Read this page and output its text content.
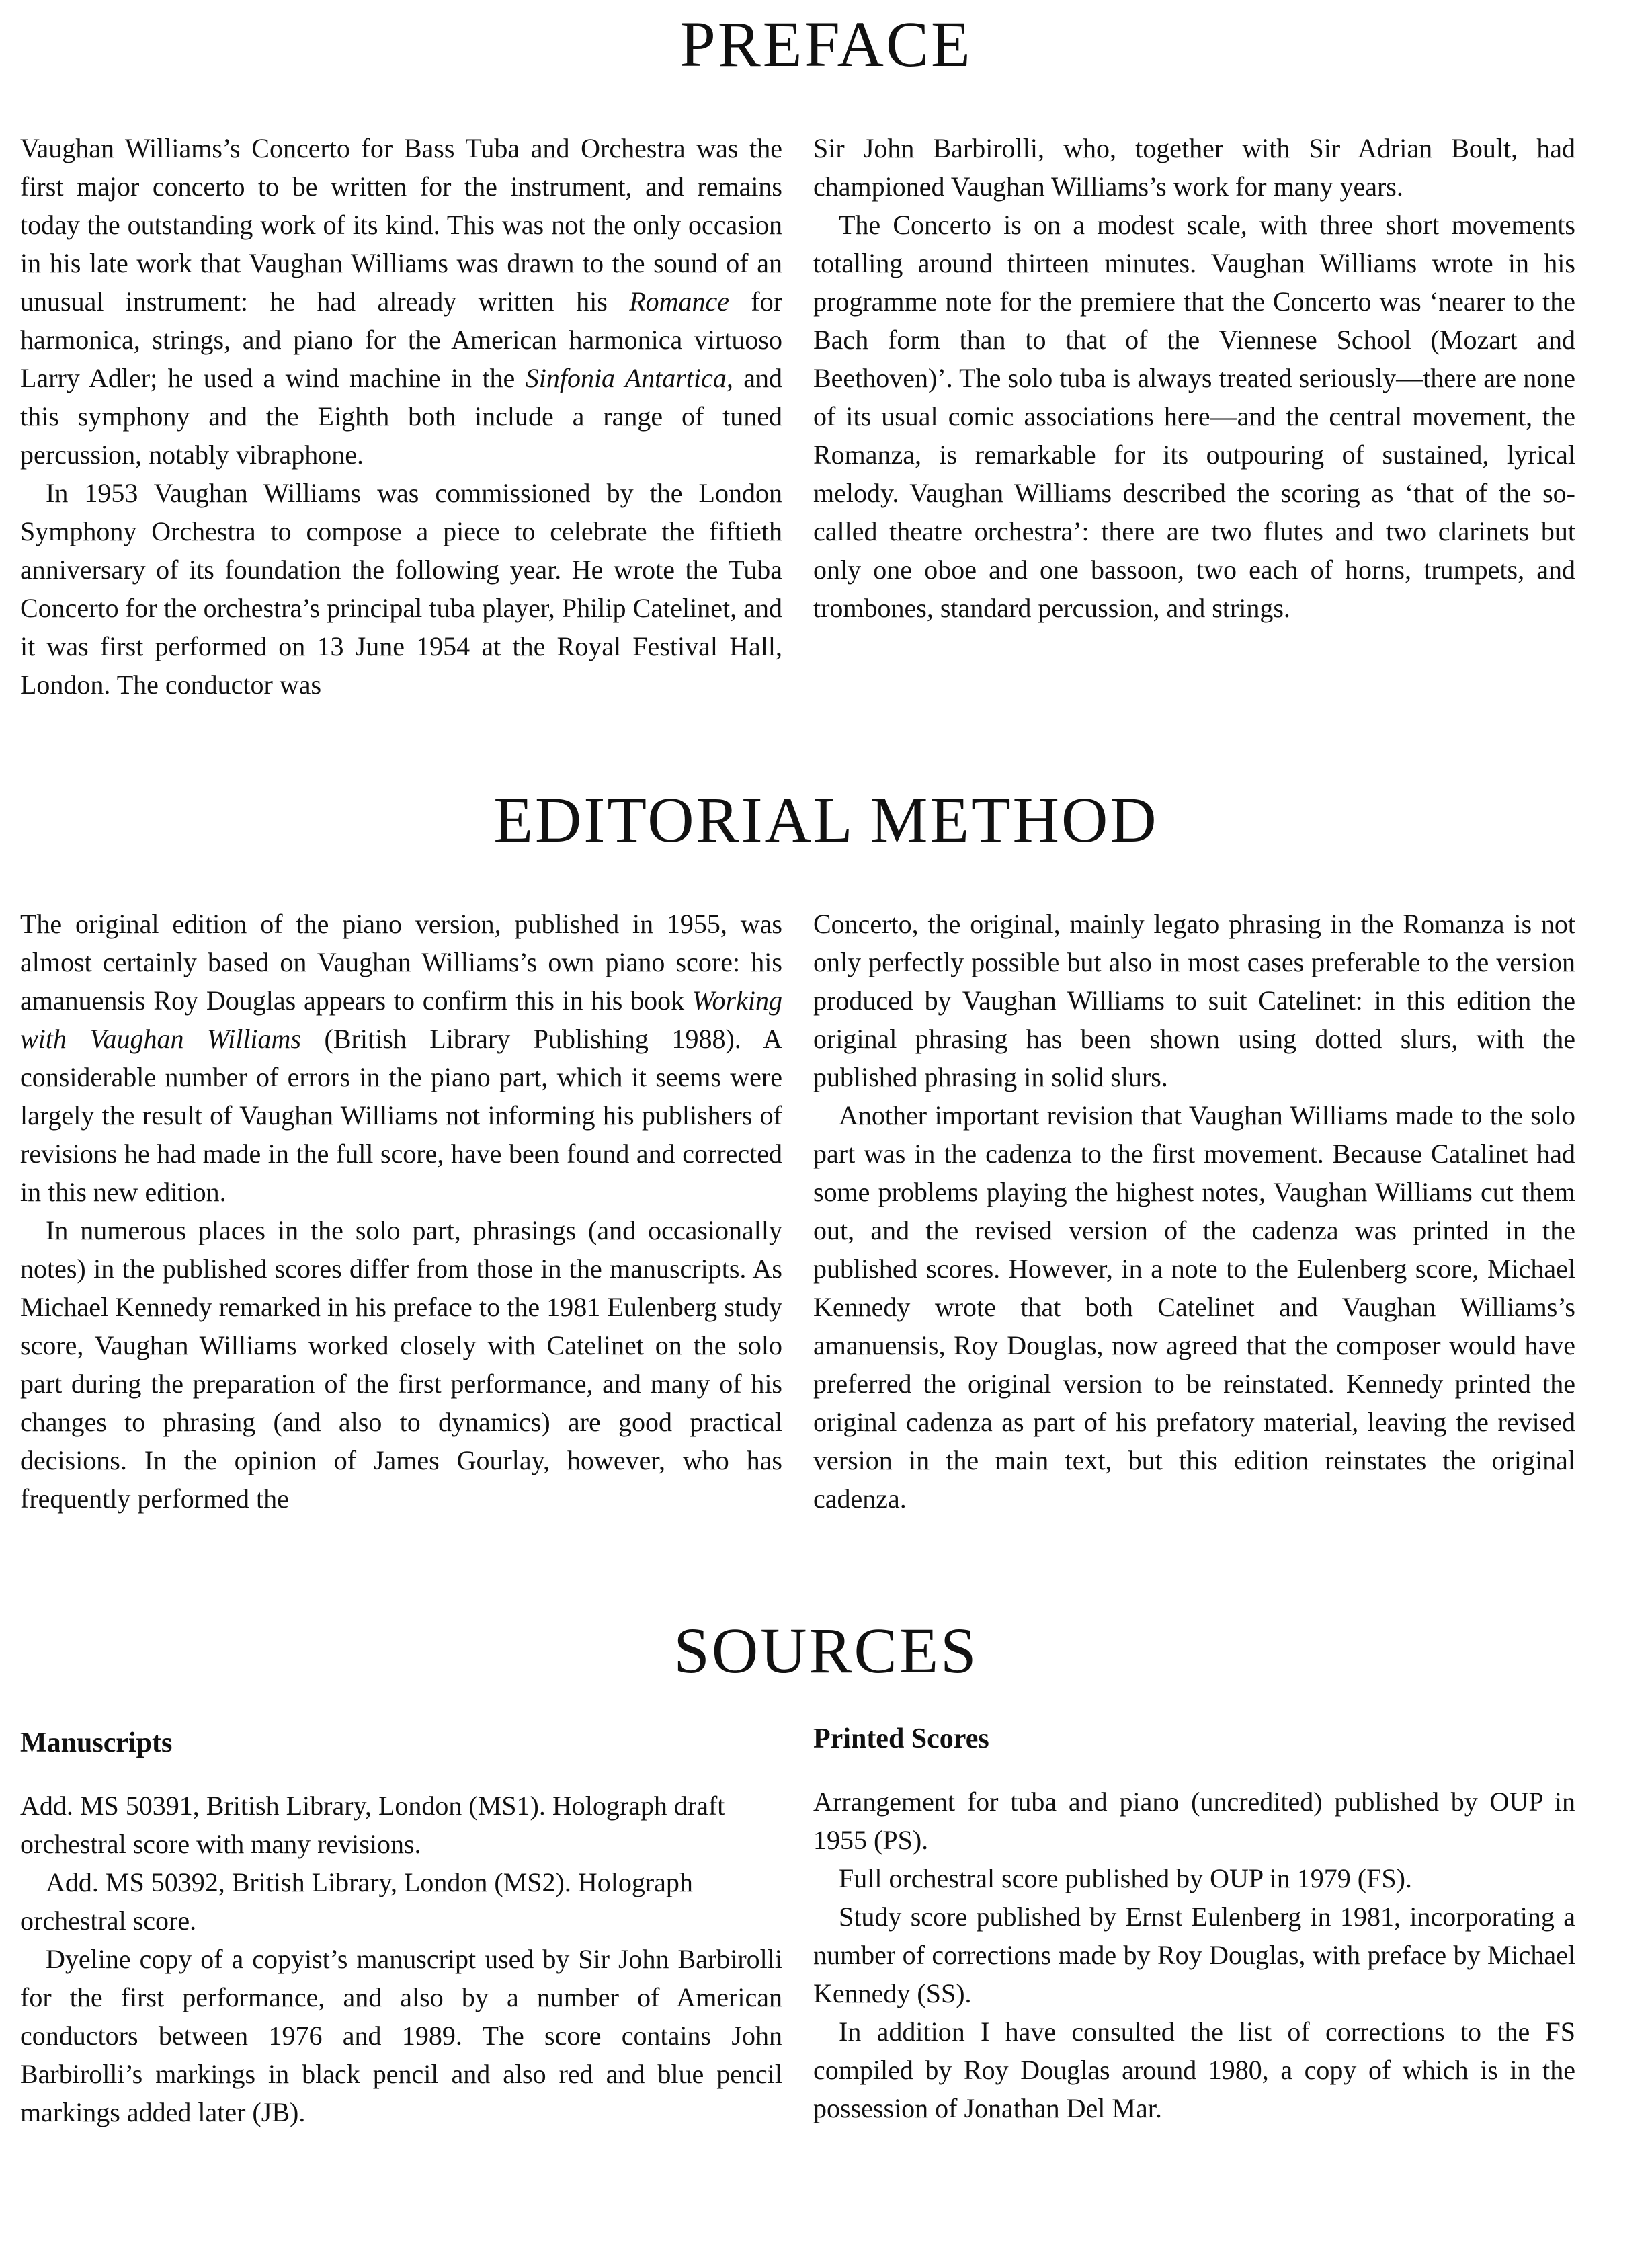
PREFACE

Vaughan Williams’s Concerto for Bass Tuba and Orchestra was the first major concerto to be written for the instrument, and remains today the outstanding work of its kind. This was not the only occasion in his late work that Vaughan Williams was drawn to the sound of an unusual instrument: he had already written his Romance for harmonica, strings, and piano for the American harmonica virtuoso Larry Adler; he used a wind machine in the Sinfonia Antartica, and this symphony and the Eighth both include a range of tuned percussion, notably vibraphone.

In 1953 Vaughan Williams was commissioned by the London Symphony Orchestra to compose a piece to celebrate the fiftieth anniversary of its foundation the following year. He wrote the Tuba Concerto for the orchestra’s principal tuba player, Philip Catelinet, and it was first performed on 13 June 1954 at the Royal Festival Hall, London. The conductor was

Sir John Barbirolli, who, together with Sir Adrian Boult, had championed Vaughan Williams’s work for many years.

The Concerto is on a modest scale, with three short movements totalling around thirteen minutes. Vaughan Williams wrote in his programme note for the premiere that the Concerto was ‘nearer to the Bach form than to that of the Viennese School (Mozart and Beethoven)’. The solo tuba is always treated seriously—there are none of its usual comic associations here—and the central movement, the Romanza, is remarkable for its outpouring of sustained, lyrical melody. Vaughan Williams described the scoring as ‘that of the so-called theatre orchestra’: there are two flutes and two clarinets but only one oboe and one bassoon, two each of horns, trumpets, and trombones, standard percussion, and strings.

EDITORIAL METHOD

The original edition of the piano version, published in 1955, was almost certainly based on Vaughan Williams’s own piano score: his amanuensis Roy Douglas appears to confirm this in his book Working with Vaughan Williams (British Library Publishing 1988). A considerable number of errors in the piano part, which it seems were largely the result of Vaughan Williams not informing his publishers of revisions he had made in the full score, have been found and corrected in this new edition.

In numerous places in the solo part, phrasings (and occasionally notes) in the published scores differ from those in the manuscripts. As Michael Kennedy remarked in his preface to the 1981 Eulenberg study score, Vaughan Williams worked closely with Catelinet on the solo part during the preparation of the first performance, and many of his changes to phrasing (and also to dynamics) are good practical decisions. In the opinion of James Gourlay, however, who has frequently performed the

Concerto, the original, mainly legato phrasing in the Romanza is not only perfectly possible but also in most cases preferable to the version produced by Vaughan Williams to suit Catelinet: in this edition the original phrasing has been shown using dotted slurs, with the published phrasing in solid slurs.

Another important revision that Vaughan Williams made to the solo part was in the cadenza to the first movement. Because Catalinet had some problems playing the highest notes, Vaughan Williams cut them out, and the revised version of the cadenza was printed in the published scores. However, in a note to the Eulenberg score, Michael Kennedy wrote that both Catelinet and Vaughan Williams’s amanuensis, Roy Douglas, now agreed that the composer would have preferred the original version to be reinstated. Kennedy printed the original cadenza as part of his prefatory material, leaving the revised version in the main text, but this edition reinstates the original cadenza.

SOURCES
Manuscripts

Add. MS 50391, British Library, London (MS1). Holograph draft orchestral score with many revisions.

Add. MS 50392, British Library, London (MS2). Holograph orchestral score.

Dyeline copy of a copyist’s manuscript used by Sir John Barbirolli for the first performance, and also by a number of American conductors between 1976 and 1989. The score contains John Barbirolli’s markings in black pencil and also red and blue pencil markings added later (JB).

Printed Scores

Arrangement for tuba and piano (uncredited) published by OUP in 1955 (PS).

Full orchestral score published by OUP in 1979 (FS).

Study score published by Ernst Eulenberg in 1981, incorporating a number of corrections made by Roy Douglas, with preface by Michael Kennedy (SS).

In addition I have consulted the list of corrections to the FS compiled by Roy Douglas around 1980, a copy of which is in the possession of Jonathan Del Mar.
